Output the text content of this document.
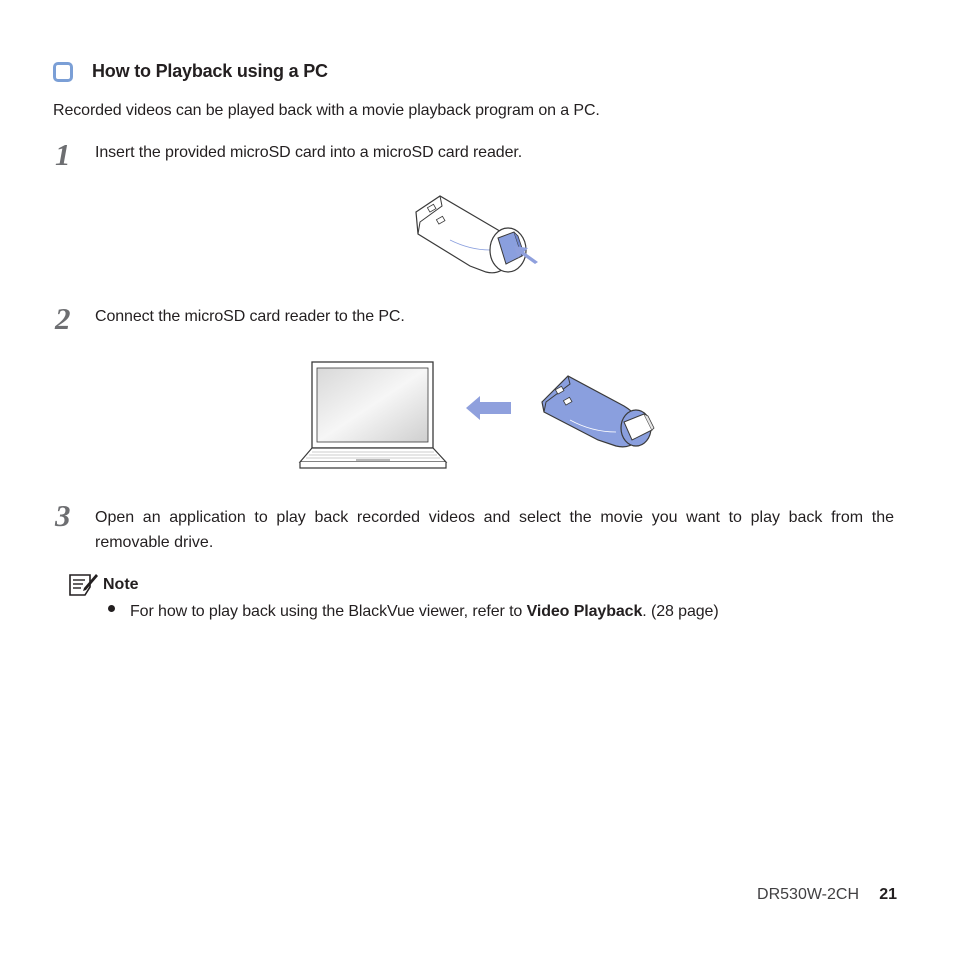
How to Playback using a PC
Recorded videos can be played back with a movie playback program on a PC.
1 Insert the provided microSD card into a microSD card reader.
2 Connect the microSD card reader to the PC.
3 Open an application to play back recorded videos and select the movie you want to play back from the removable drive.
Note
For how to play back using the BlackVue viewer, refer to Video Playback. (28 page)
DR530W-2CH 21
